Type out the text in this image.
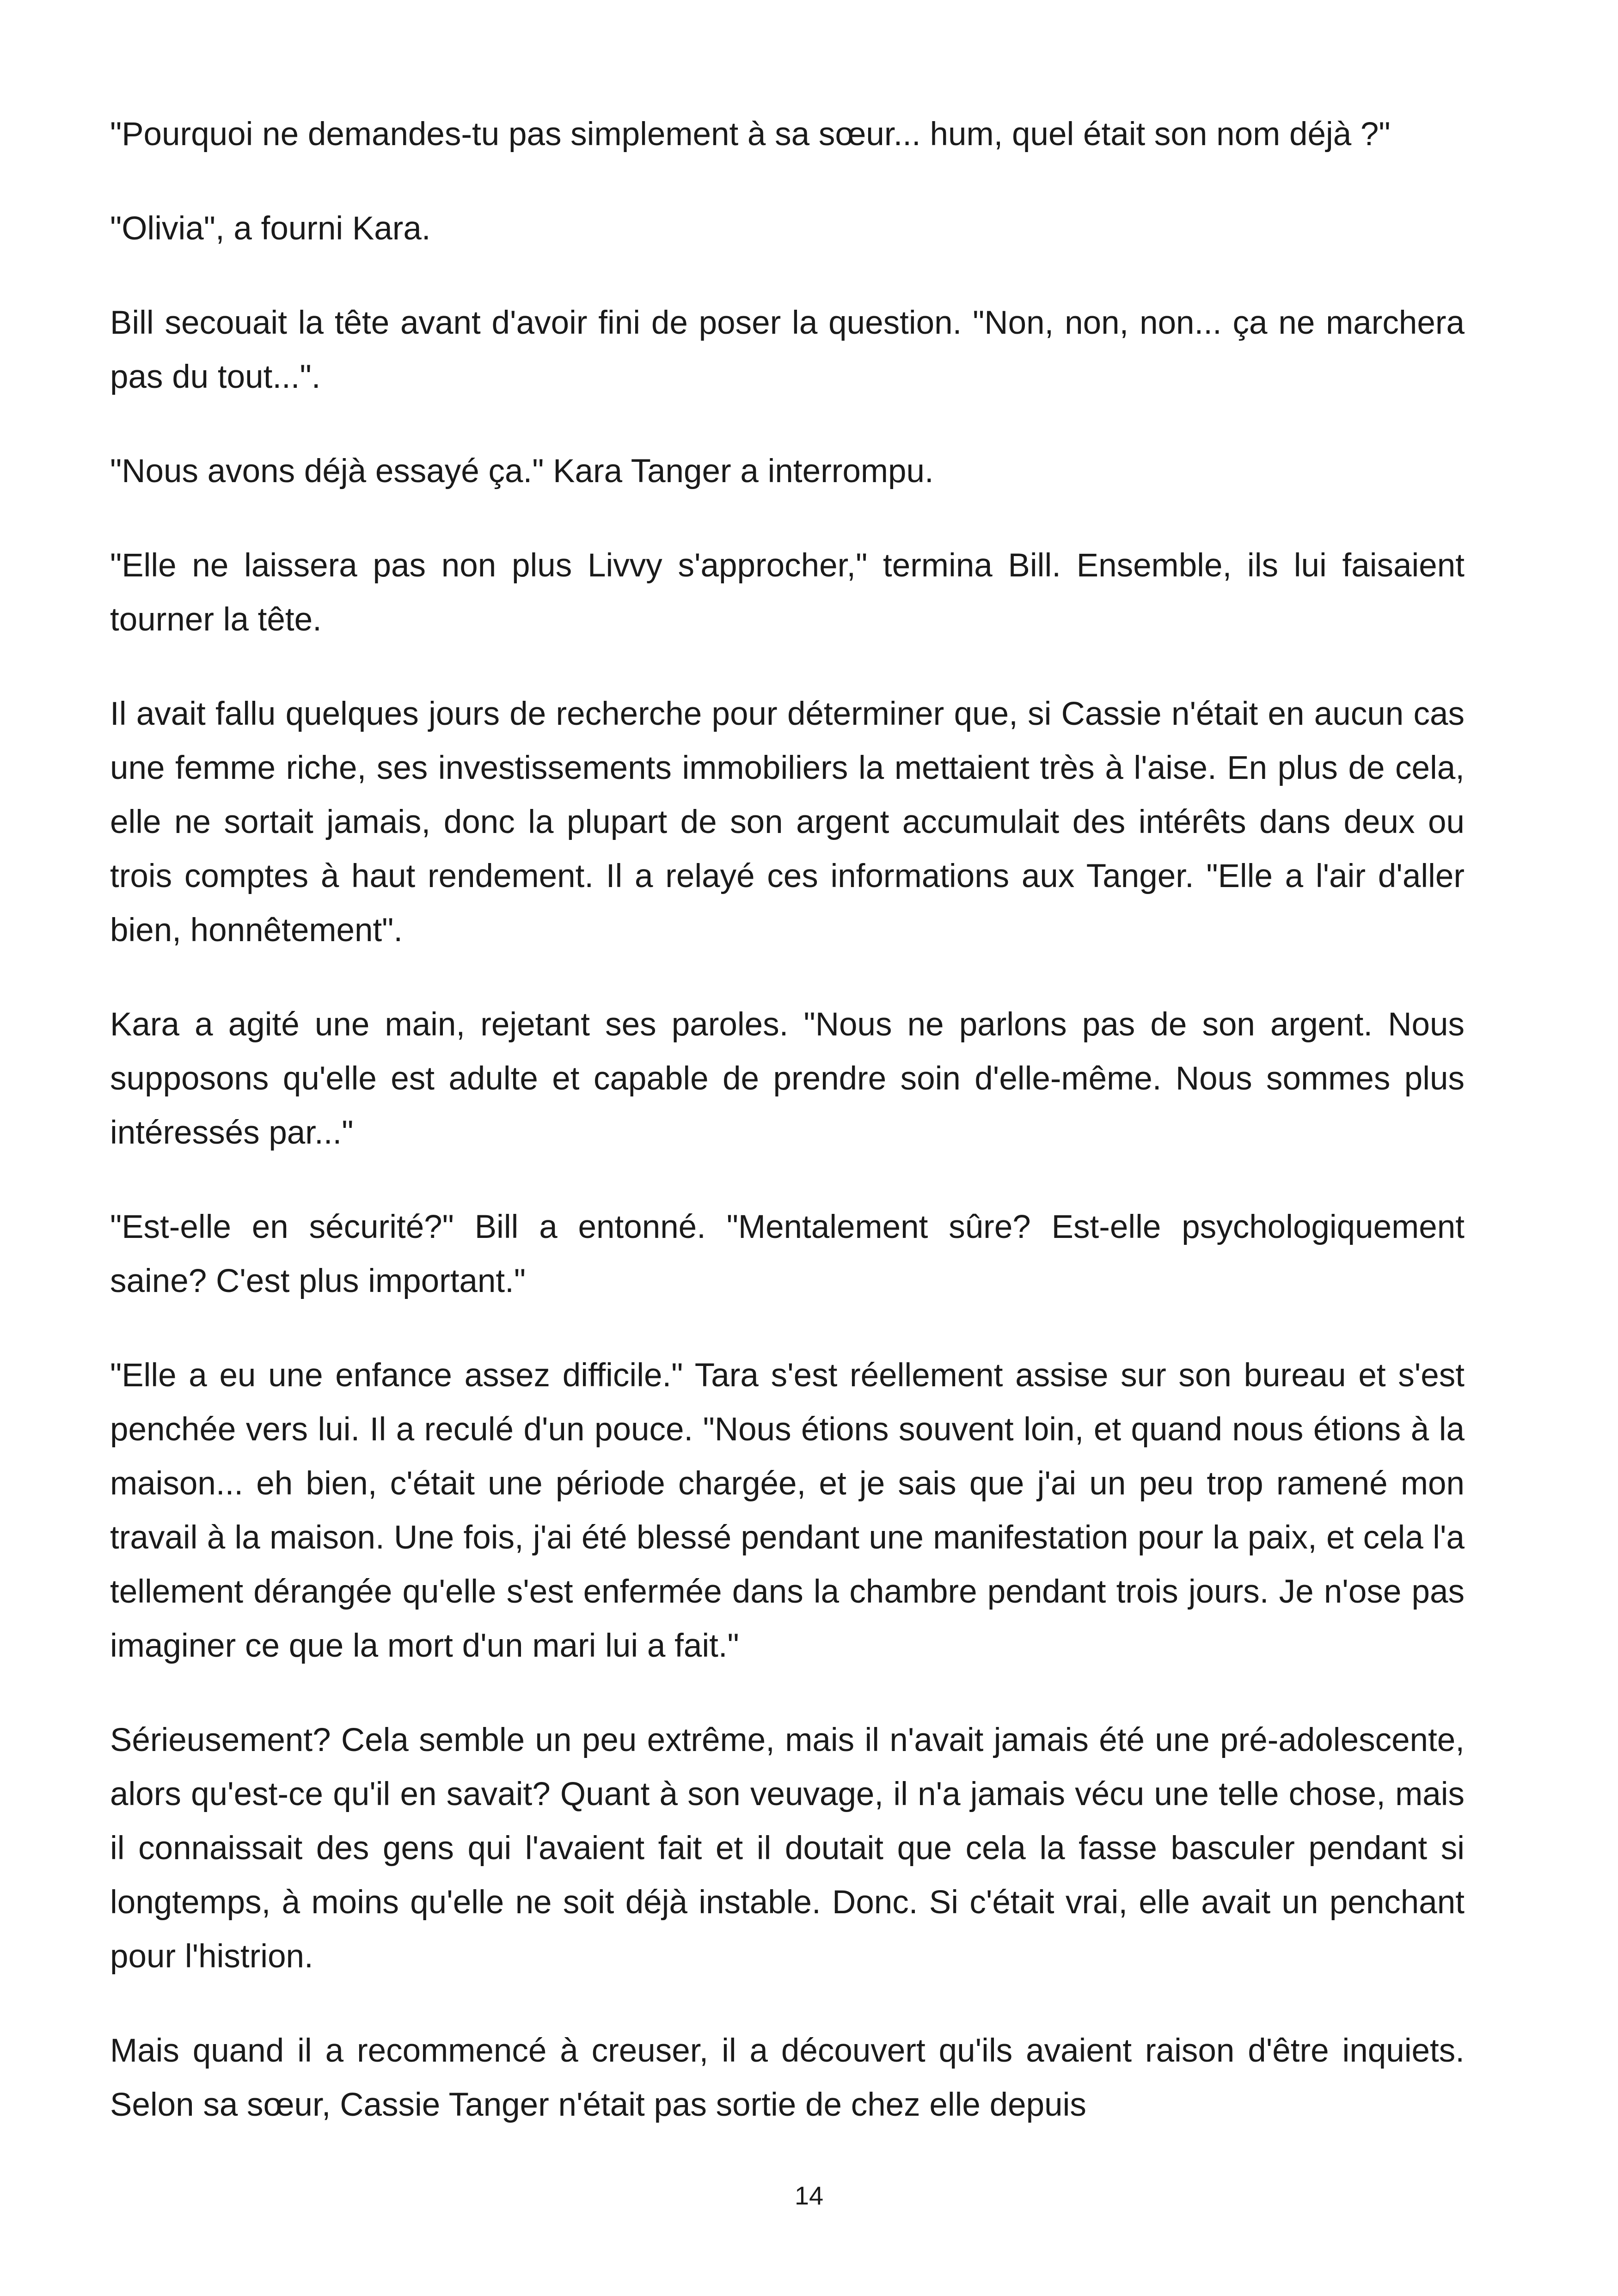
"Pourquoi ne demandes-tu pas simplement à sa sœur... hum, quel était son nom déjà ?"

"Olivia", a fourni Kara.

Bill secouait la tête avant d'avoir fini de poser la question. "Non, non, non... ça ne marchera pas du tout...".

"Nous avons déjà essayé ça." Kara Tanger a interrompu.

"Elle ne laissera pas non plus Livvy s'approcher," termina Bill. Ensemble, ils lui faisaient tourner la tête.

Il avait fallu quelques jours de recherche pour déterminer que, si Cassie n'était en aucun cas une femme riche, ses investissements immobiliers la mettaient très à l'aise. En plus de cela, elle ne sortait jamais, donc la plupart de son argent accumulait des intérêts dans deux ou trois comptes à haut rendement. Il a relayé ces informations aux Tanger. "Elle a l'air d'aller bien, honnêtement".

Kara a agité une main, rejetant ses paroles. "Nous ne parlons pas de son argent. Nous supposons qu'elle est adulte et capable de prendre soin d'elle-même. Nous sommes plus intéressés par..."

"Est-elle en sécurité?" Bill a entonné. "Mentalement sûre? Est-elle psychologiquement saine? C'est plus important."

"Elle a eu une enfance assez difficile." Tara s'est réellement assise sur son bureau et s'est penchée vers lui. Il a reculé d'un pouce. "Nous étions souvent loin, et quand nous étions à la maison... eh bien, c'était une période chargée, et je sais que j'ai un peu trop ramené mon travail à la maison. Une fois, j'ai été blessé pendant une manifestation pour la paix, et cela l'a tellement dérangée qu'elle s'est enfermée dans la chambre pendant trois jours. Je n'ose pas imaginer ce que la mort d'un mari lui a fait."

Sérieusement? Cela semble un peu extrême, mais il n'avait jamais été une pré-adolescente, alors qu'est-ce qu'il en savait? Quant à son veuvage, il n'a jamais vécu une telle chose, mais il connaissait des gens qui l'avaient fait et il doutait que cela la fasse basculer pendant si longtemps, à moins qu'elle ne soit déjà instable. Donc. Si c'était vrai, elle avait un penchant pour l'histrion.

Mais quand il a recommencé à creuser, il a découvert qu'ils avaient raison d'être inquiets. Selon sa sœur, Cassie Tanger n'était pas sortie de chez elle depuis

14
